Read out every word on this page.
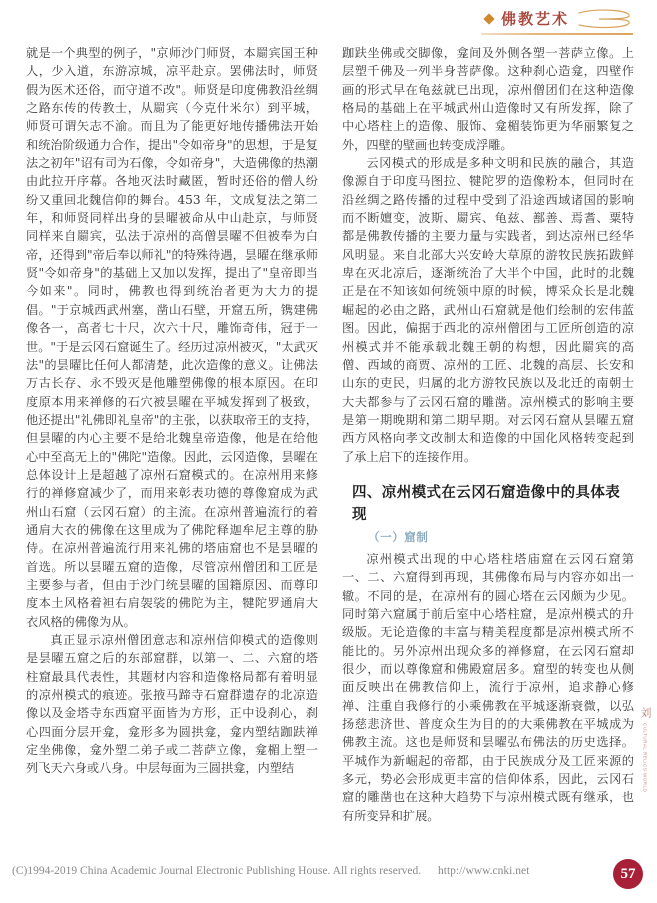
佛教艺术

就是一个典型的例子，"京师沙门师贤，本罽宾国王种人，少入道，东游凉城，凉平赴京。罢佛法时，师贤假为医术还俗，而守道不改"。师贤是印度佛教沿丝绸之路东传的传教士，从罽宾（今克什米尔）到平城，师贤可谓矢志不渝。而且为了能更好地传播佛法开始和统治阶级通力合作，提出"令如帝身"的思想，于是复法之初年"诏有司为石像，令如帝身"，大造佛像的热潮由此拉开序幕。各地灭法时藏匿，暂时还俗的僧人纷纷又重回北魏信仰的舞台。453 年，文成复法之第二年，和师贤同样出身的昙曜被命从中山赴京，与师贤同样来自罽宾，弘法于凉州的高僧昙曜不但被奉为白帝，还得到"帝后奉以师礼"的特殊待遇，昙曜在继承师贤"令如帝身"的基础上又加以发挥，提出了"皇帝即当今如来"。同时，佛教也得到统治者更为大力的提倡。"于京城西武州塞，凿山石壁，开窟五所，镌建佛像各一，高者七十尺，次六十尺，雕饰奇伟，冠于一世。"于是云冈石窟诞生了。经历过凉州被灭，"太武灭法"的昙曜比任何人都清楚，此次造像的意义。让佛法万古长存、永不毁灭是他雕塑佛像的根本原因。在印度原本用来禅修的石穴被昙曜在平城发挥到了极致，他还提出"礼佛即礼皇帝"的主张，以获取帝王的支持，但昙曜的内心主要不是给北魏皇帝造像，他是在给他心中至高无上的"佛陀"造像。因此，云冈造像，昙曜在总体设计上是超越了凉州石窟模式的。在凉州用来修行的禅修窟减少了，而用来彰表功德的尊像窟成为武州山石窟（云冈石窟）的主流。在凉州普遍流行的着通肩大衣的佛像在这里成为了佛陀释迦牟尼主尊的胁侍。在凉州普遍流行用来礼佛的塔庙窟也不是昙曜的首选。所以昙曜五窟的造像，尽管凉州僧团和工匠是主要参与者，但由于沙门统昙曜的国籍原因、而尊印度本土风格着袒右肩袈裟的佛陀为主，犍陀罗通肩大衣风格的佛像为从。

真正显示凉州僧团意志和凉州信仰模式的造像则是昙曜五窟之后的东部窟群，以第一、二、六窟的塔柱窟最具代表性，其题材内容和造像格局都有着明显的凉州模式的痕迹。张掖马蹄寺石窟群遗存的北凉造像以及金塔寺东西窟平面皆为方形，正中设刹心，刹心四面分层开龛，龛形多为圆拱龛，龛内塑结跏趺禅定坐佛像，龛外塑二弟子或二菩萨立像，龛楣上塑一列飞天六身或八身。中层每面为三圆拱龛，内塑结

跏趺坐佛或交脚像，龛间及外侧各塑一菩萨立像。上层塑千佛及一列半身菩萨像。这种刹心造龛，四壁作画的形式早在龟兹就已出现，凉州僧团们在这种造像格局的基础上在平城武州山造像时又有所发挥，除了中心塔柱上的造像、服饰、龛楣装饰更为华丽繁复之外，四壁的壁画也转变成浮雕。

云冈模式的形成是多种文明和民族的融合，其造像源自于印度马图拉、犍陀罗的造像粉本，但同时在沿丝绸之路传播的过程中受到了沿途西域诸国的影响而不断嬗变，波斯、罽宾、龟兹、鄯善、焉耆、粟特都是佛教传播的主要力量与实践者，到达凉州已经华风明显。来自北部大兴安岭大草原的游牧民族拓跋鲜卑在灭北凉后，逐渐统治了大半个中国，此时的北魏正是在不知该如何统领中原的时候，博采众长是北魏崛起的必由之路，武州山石窟就是他们绘制的宏伟蓝图。因此，偏据于西北的凉州僧团与工匠所创造的凉州模式并不能承载北魏王朝的构想，因此罽宾的高僧、西域的商贾、凉州的工匠、北魏的高层、长安和山东的吏民，归属的北方游牧民族以及北迁的南朝士大夫都参与了云冈石窟的雕凿。凉州模式的影响主要是第一期晚期和第二期早期。对云冈石窟从昙曜五窟西方风格向孝文改制太和造像的中国化风格转变起到了承上启下的连接作用。

四、凉州模式在云冈石窟造像中的具体表现
（一）窟制

凉州模式出现的中心塔柱塔庙窟在云冈石窟第一、二、六窟得到再现，其佛像布局与内容亦如出一辙。不同的是，在凉州有的圆心塔在云冈颇为少见。同时第六窟属于前后室中心塔柱窟，是凉州模式的升级版。无论造像的丰富与精美程度都是凉州模式所不能比的。另外凉州出现众多的禅修窟，在云冈石窟却很少，而以尊像窟和佛殿窟居多。窟型的转变也从侧面反映出在佛教信仰上，流行于凉州，追求静心修禅、注重自我修行的小乘佛教在平城逐渐衰微，以弘扬慈悲济世、普度众生为目的的大乘佛教在平城成为佛教主流。这也是师贤和昙曜弘布佛法的历史选择。平城作为新崛起的帝都，由于民族成分及工匠来源的多元，势必会形成更丰富的信仰体系，因此，云冈石窟的雕凿也在这种大趋势下与凉州模式既有继承，也有所变异和扩展。

刘
CULTURAL RELICS WORLD
(C)1994-2019 China Academic Journal Electronic Publishing House. All rights reserved. http://www.cnki.net	57
